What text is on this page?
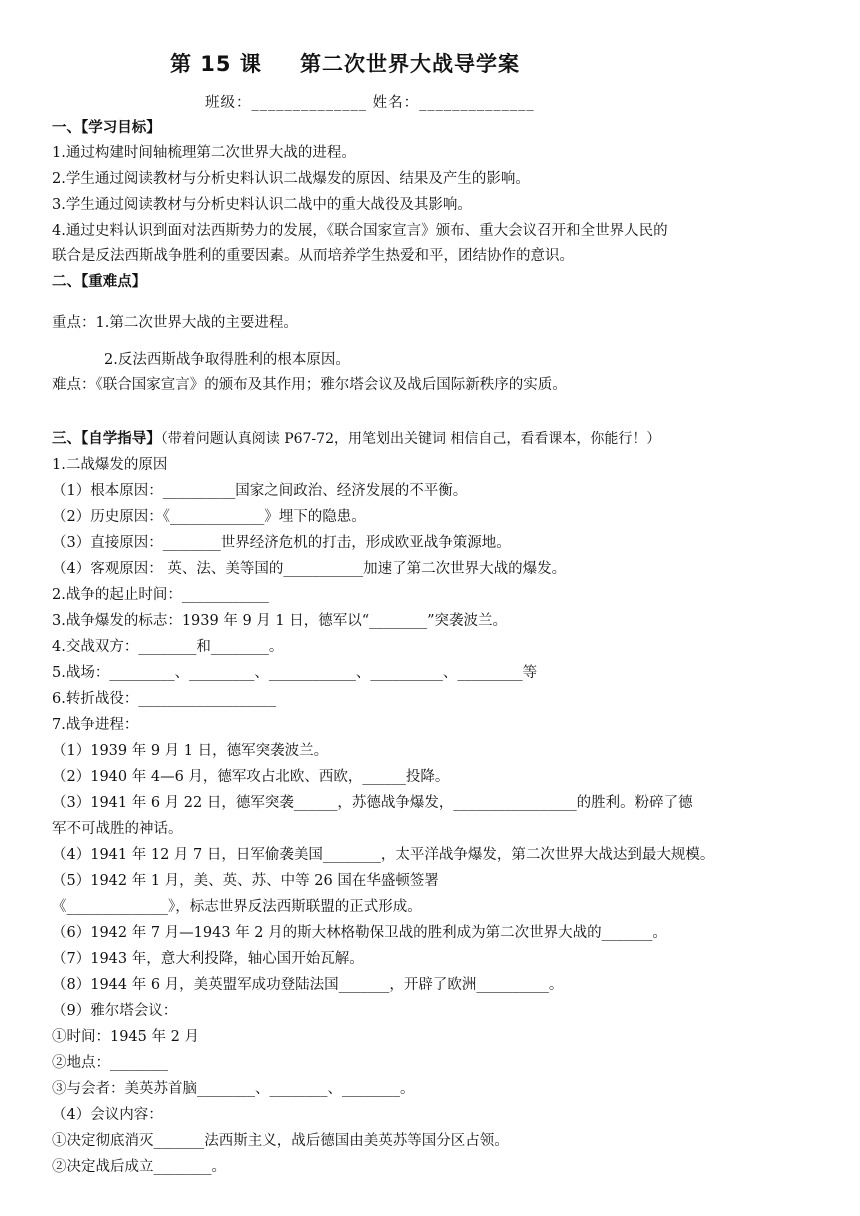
第 15 课 第二次世界大战导学案
班级：______________ 姓名：______________
一、【学习目标】
1.通过构建时间轴梳理第二次世界大战的进程。
2.学生通过阅读教材与分析史料认识二战爆发的原因、结果及产生的影响。
3.学生通过阅读教材与分析史料认识二战中的重大战役及其影响。
4.通过史料认识到面对法西斯势力的发展，《联合国家宣言》颁布、重大会议召开和全世界人民的
联合是反法西斯战争胜利的重要因素。从而培养学生热爱和平，团结协作的意识。
二、【重难点】
重点：1.第二次世界大战的主要进程。
2.反法西斯战争取得胜利的根本原因。
难点：《联合国家宣言》的颁布及其作用；雅尔塔会议及战后国际新秩序的实质。
三、【自学指导】（带着问题认真阅读 P67-72，用笔划出关键词 相信自己，看看课本，你能行！）
1.二战爆发的原因
（1）根本原因：__________国家之间政治、经济发展的不平衡。
（2）历史原因：《_____________》埋下的隐患。
（3）直接原因：________世界经济危机的打击，形成欧亚战争策源地。
（4）客观原因： 英、法、美等国的___________加速了第二次世界大战的爆发。
2.战争的起止时间：____________
3.战争爆发的标志：1939 年 9 月 1 日，德军以“________”突袭波兰。
4.交战双方：________和________。
5.战场：_________、_________、____________、__________、_________等
6.转折战役：___________________
7.战争进程：
（1）1939 年 9 月 1 日，德军突袭波兰。
（2）1940 年 4—6 月，德军攻占北欧、西欧，______投降。
（3）1941 年 6 月 22 日，德军突袭______，苏德战争爆发，_________________的胜利。粉碎了德
军不可战胜的神话。
（4）1941 年 12 月 7 日，日军偷袭美国________，太平洋战争爆发，第二次世界大战达到最大规模。
（5）1942 年 1 月，美、英、苏、中等 26 国在华盛顿签署
《______________》，标志世界反法西斯联盟的正式形成。
（6）1942 年 7 月—1943 年 2 月的斯大林格勒保卫战的胜利成为第二次世界大战的_______。
（7）1943 年，意大利投降，轴心国开始瓦解。
（8）1944 年 6 月，美英盟军成功登陆法国_______，开辟了欧洲__________。
（9）雅尔塔会议：
①时间：1945 年 2 月
②地点：________
③与会者：美英苏首脑________、________、________。
（4）会议内容：
①决定彻底消灭_______法西斯主义，战后德国由美英苏等国分区占领。
②决定战后成立________。
